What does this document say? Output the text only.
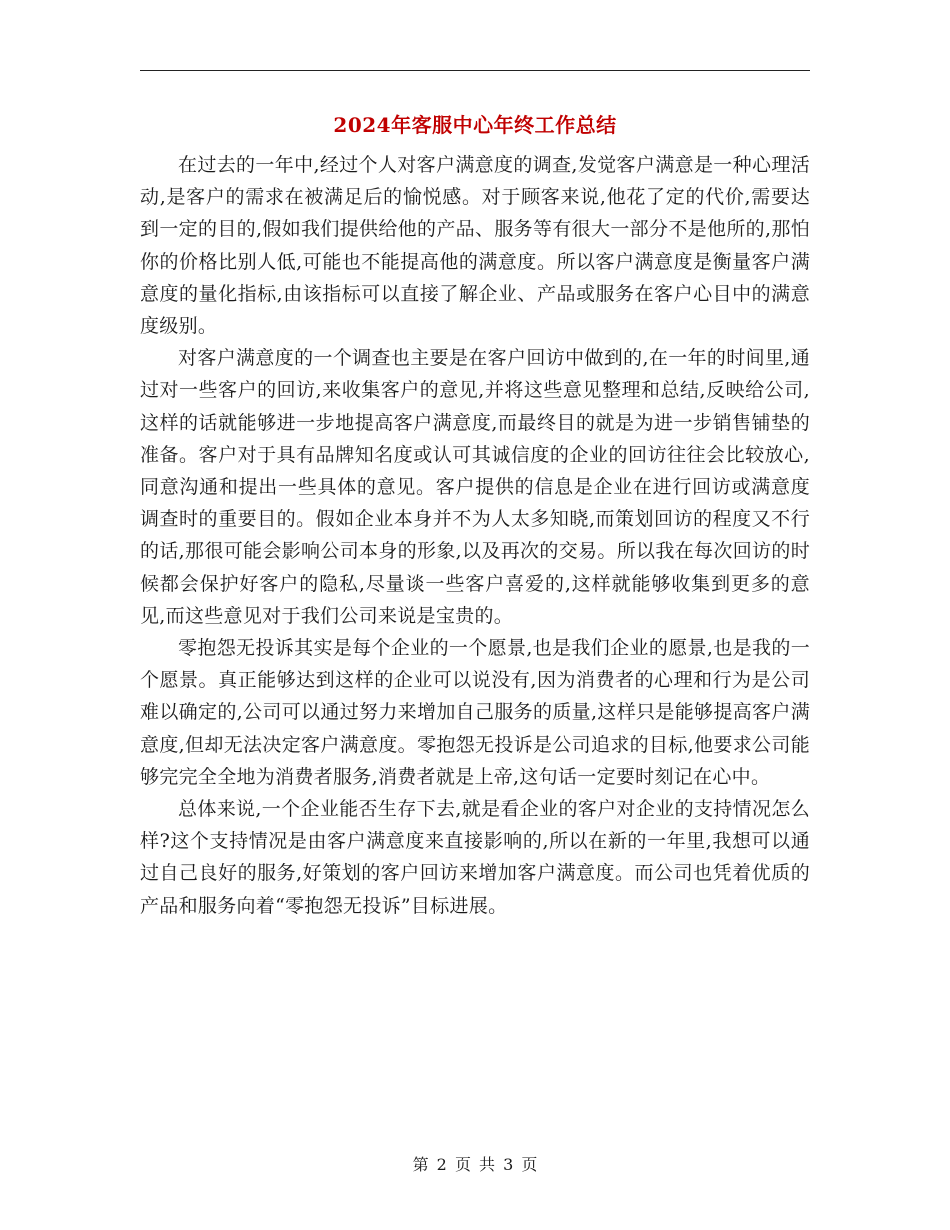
2024年客服中心年终工作总结

在过去的一年中,经过个人对客户满意度的调查,发觉客户满意是一种心理活动,是客户的需求在被满足后的愉悦感。对于顾客来说,他花了定的代价,需要达到一定的目的,假如我们提供给他的产品、服务等有很大一部分不是他所的,那怕你的价格比别人低,可能也不能提高他的满意度。所以客户满意度是衡量客户满意度的量化指标,由该指标可以直接了解企业、产品或服务在客户心目中的满意度级别。

对客户满意度的一个调查也主要是在客户回访中做到的,在一年的时间里,通过对一些客户的回访,来收集客户的意见,并将这些意见整理和总结,反映给公司,这样的话就能够进一步地提高客户满意度,而最终目的就是为进一步销售铺垫的准备。客户对于具有品牌知名度或认可其诚信度的企业的回访往往会比较放心,同意沟通和提出一些具体的意见。客户提供的信息是企业在进行回访或满意度调查时的重要目的。假如企业本身并不为人太多知晓,而策划回访的程度又不行的话,那很可能会影响公司本身的形象,以及再次的交易。所以我在每次回访的时候都会保护好客户的隐私,尽量谈一些客户喜爱的,这样就能够收集到更多的意见,而这些意见对于我们公司来说是宝贵的。

零抱怨无投诉其实是每个企业的一个愿景,也是我们企业的愿景,也是我的一个愿景。真正能够达到这样的企业可以说没有,因为消费者的心理和行为是公司难以确定的,公司可以通过努力来增加自己服务的质量,这样只是能够提高客户满意度,但却无法决定客户满意度。零抱怨无投诉是公司追求的目标,他要求公司能够完完全全地为消费者服务,消费者就是上帝,这句话一定要时刻记在心中。

总体来说,一个企业能否生存下去,就是看企业的客户对企业的支持情况怎么样?这个支持情况是由客户满意度来直接影响的,所以在新的一年里,我想可以通过自己良好的服务,好策划的客户回访来增加客户满意度。而公司也凭着优质的产品和服务向着“零抱怨无投诉”目标进展。

第 2 页 共 3 页
